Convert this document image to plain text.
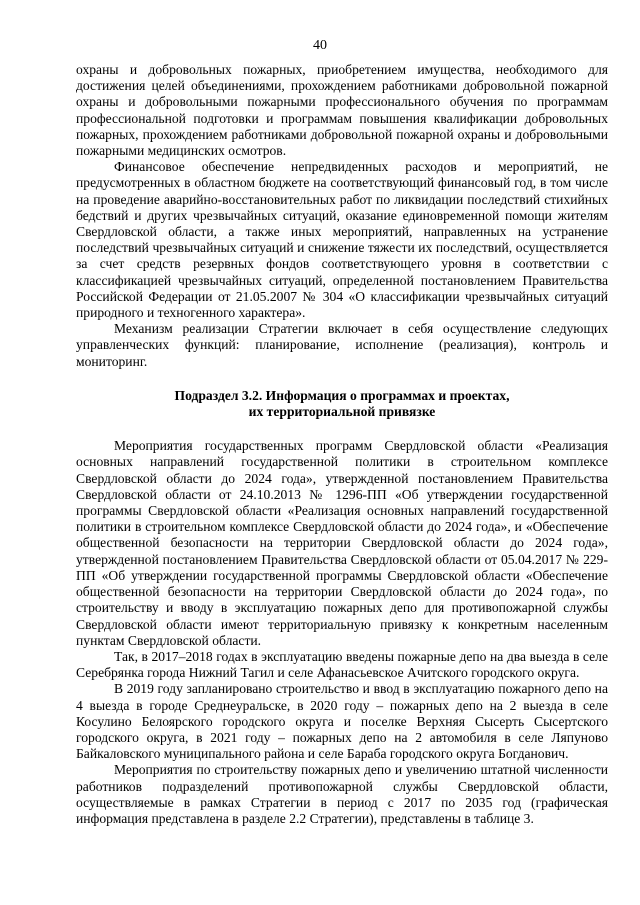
40

охраны и добровольных пожарных, приобретением имущества, необходимого для достижения целей объединениями, прохождением работниками добровольной пожарной охраны и добровольными пожарными профессионального обучения по программам профессиональной подготовки и программам повышения квалификации добровольных пожарных, прохождением работниками добровольной пожарной охраны и добровольными пожарными медицинских осмотров.

Финансовое обеспечение непредвиденных расходов и мероприятий, не предусмотренных в областном бюджете на соответствующий финансовый год, в том числе на проведение аварийно-восстановительных работ по ликвидации последствий стихийных бедствий и других чрезвычайных ситуаций, оказание единовременной помощи жителям Свердловской области, а также иных мероприятий, направленных на устранение последствий чрезвычайных ситуаций и снижение тяжести их последствий, осуществляется за счет средств резервных фондов соответствующего уровня в соответствии с классификацией чрезвычайных ситуаций, определенной постановлением Правительства Российской Федерации от 21.05.2007 № 304 «О классификации чрезвычайных ситуаций природного и техногенного характера».

Механизм реализации Стратегии включает в себя осуществление следующих управленческих функций: планирование, исполнение (реализация), контроль и мониторинг.

Подраздел 3.2. Информация о программах и проектах,
их территориальной привязке

Мероприятия государственных программ Свердловской области «Реализация основных направлений государственной политики в строительном комплексе Свердловской области до 2024 года», утвержденной постановлением Правительства Свердловской области от 24.10.2013 № 1296-ПП «Об утверждении государственной программы Свердловской области «Реализация основных направлений государственной политики в строительном комплексе Свердловской области до 2024 года», и «Обеспечение общественной безопасности на территории Свердловской области до 2024 года», утвержденной постановлением Правительства Свердловской области от 05.04.2017 № 229-ПП «Об утверждении государственной программы Свердловской области «Обеспечение общественной безопасности на территории Свердловской области до 2024 года», по строительству и вводу в эксплуатацию пожарных депо для противопожарной службы Свердловской области имеют территориальную привязку к конкретным населенным пунктам Свердловской области.

Так, в 2017–2018 годах в эксплуатацию введены пожарные депо на два выезда в селе Серебрянка города Нижний Тагил и селе Афанасьевское Ачитского городского округа.

В 2019 году запланировано строительство и ввод в эксплуатацию пожарного депо на 4 выезда в городе Среднеуральске, в 2020 году – пожарных депо на 2 выезда в селе Косулино Белоярского городского округа и поселке Верхняя Сысерть Сысертского городского округа, в 2021 году – пожарных депо на 2 автомобиля в селе Ляпуново Байкаловского муниципального района и селе Бараба городского округа Богданович.

Мероприятия по строительству пожарных депо и увеличению штатной численности работников подразделений противопожарной службы Свердловской области, осуществляемые в рамках Стратегии в период с 2017 по 2035 год (графическая информация представлена в разделе 2.2 Стратегии), представлены в таблице 3.
